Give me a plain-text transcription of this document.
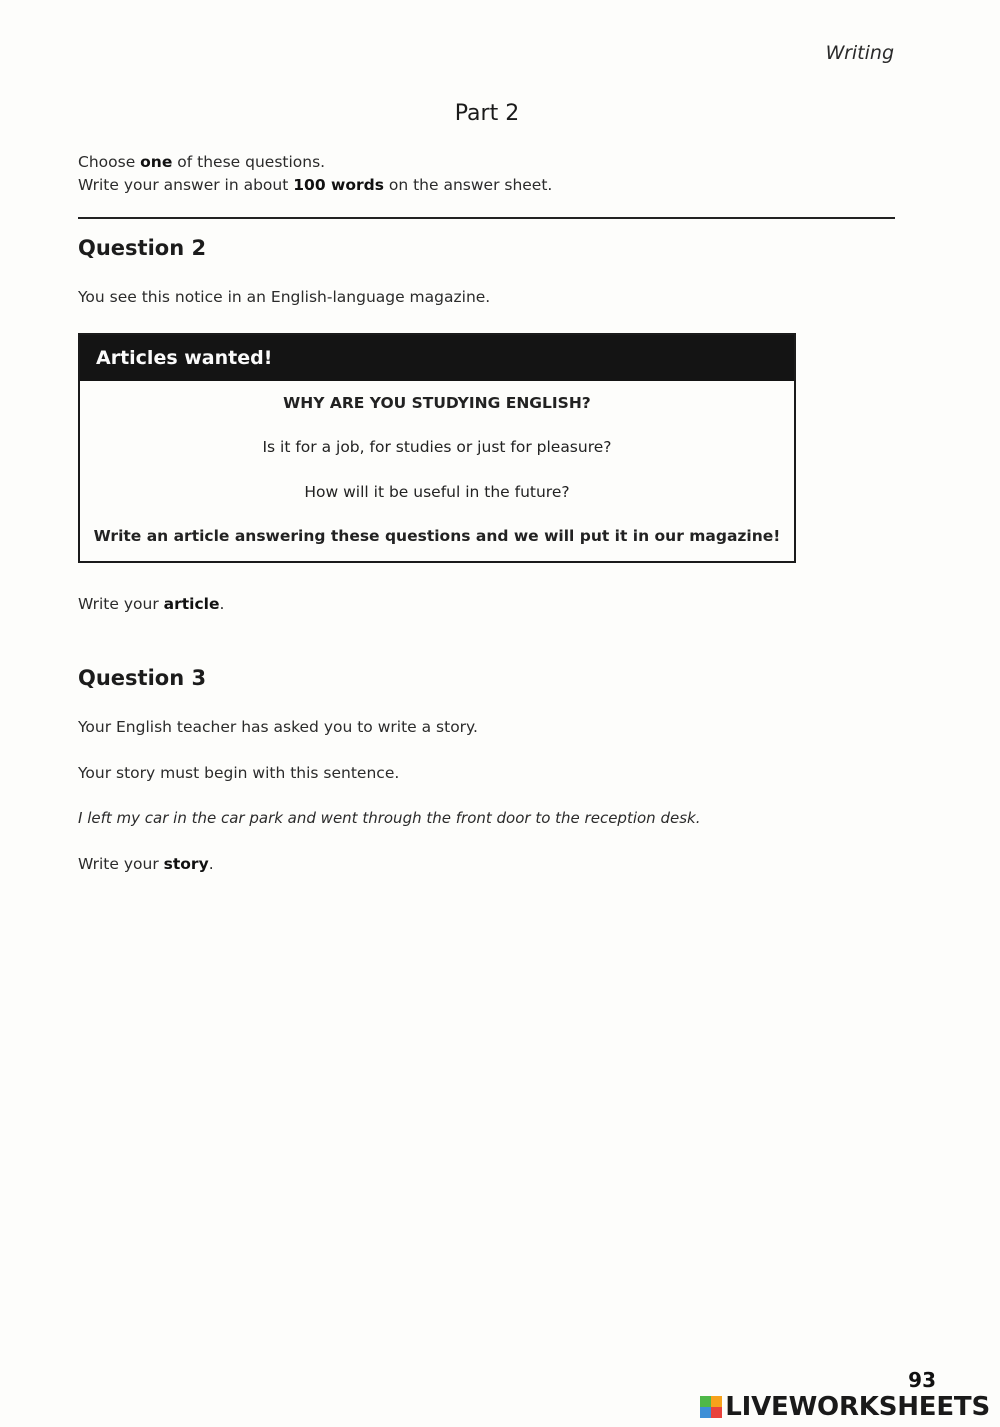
Writing
Part 2
Choose one of these questions.
Write your answer in about 100 words on the answer sheet.
Question 2
You see this notice in an English-language magazine.
Articles wanted!
WHY ARE YOU STUDYING ENGLISH?
Is it for a job, for studies or just for pleasure?
How will it be useful in the future?
Write an article answering these questions and we will put it in our magazine!
Write your article.
Question 3
Your English teacher has asked you to write a story.
Your story must begin with this sentence.
I left my car in the car park and went through the front door to the reception desk.
Write your story.
93
LIVEWORKSHEETS
